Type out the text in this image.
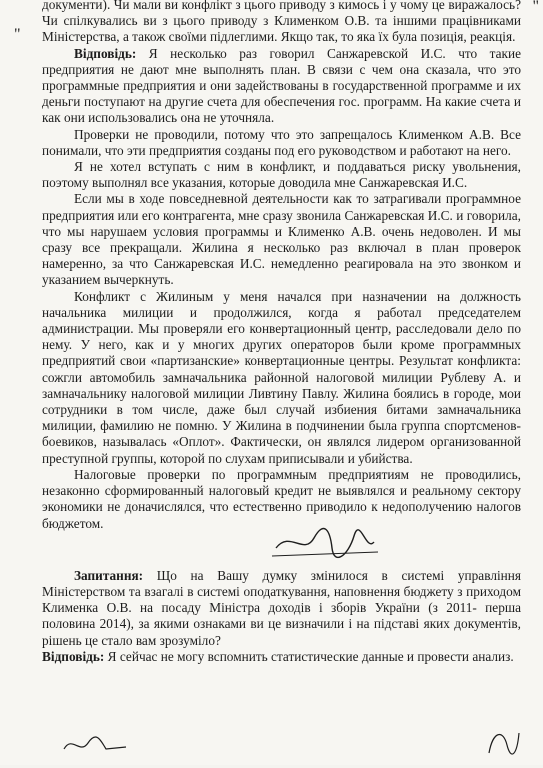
"
"

документи). Чи мали ви конфлікт з цього приводу з кимось і у чому це виражалось? Чи спілкувались ви з цього приводу з Клименком О.В. та іншими працівниками Міністерства, а також своїми підлеглими. Якщо так, то яка їх була позиція, реакція.

Відповідь: Я несколько раз говорил Санжаревской И.С. что такие предприятия не дают мне выполнять план. В связи с чем она сказала, что это программные предприятия и они задействованы в государственной программе и их деньги поступают на другие счета для обеспечения гос. программ. На какие счета и как они использовались она не уточняла.

Проверки не проводили, потому что это запрещалось Клименком А.В. Все понимали, что эти предприятия созданы под его руководством и работают на него.

Я не хотел вступать с ним в конфликт, и поддаваться риску увольнения, поэтому выполнял все указания, которые доводила мне Санжаревская И.С.

Если мы в ходе повседневной деятельности как то затрагивали программное предприятия или его контрагента, мне сразу звонила Санжаревская И.С. и говорила, что мы нарушаем условия программы и Клименко А.В. очень недоволен. И мы сразу все прекращали. Жилина я несколько раз включал в план проверок намеренно, за что Санжаревская И.С. немедленно реагировала на это звонком и указанием вычеркнуть.

Конфликт с Жилиным у меня начался при назначении на должность начальника милиции и продолжился, когда я работал председателем администрации. Мы проверяли его конвертационный центр, расследовали дело по нему. У него, как и у многих других операторов были кроме программных предприятий свои «партизанские» конвертационные центры. Результат конфликта: сожгли автомобиль замначальника районной налоговой милиции Рублеву А. и замначальнику налоговой милиции Ливтину Павлу. Жилина боялись в городе, мои сотрудники в том числе, даже был случай избиения битами замначальника милиции, фамилию не помню. У Жилина в подчинении была группа спортсменов-боевиков, называлась «Оплот». Фактически, он являлся лидером организованной преступной группы, которой по слухам приписывали и убийства.

Налоговые проверки по программным предприятиям не проводились, незаконно сформированный налоговый кредит не выявлялся и реальному сектору экономики не доначислялся, что естественно приводило к недополучению налогов бюджетом.

Запитання: Що на Вашу думку змінилося в системі управління Міністерством та взагалі в системі оподаткування, наповнення бюджету з приходом Клименка О.В. на посаду Міністра доходів і зборів України (з 2011- перша половина 2014), за якими ознаками ви це визначили і на підставі яких документів, рішень це стало вам зрозуміло?

Відповідь: Я сейчас не могу вспомнить статистические данные и провести анализ.
